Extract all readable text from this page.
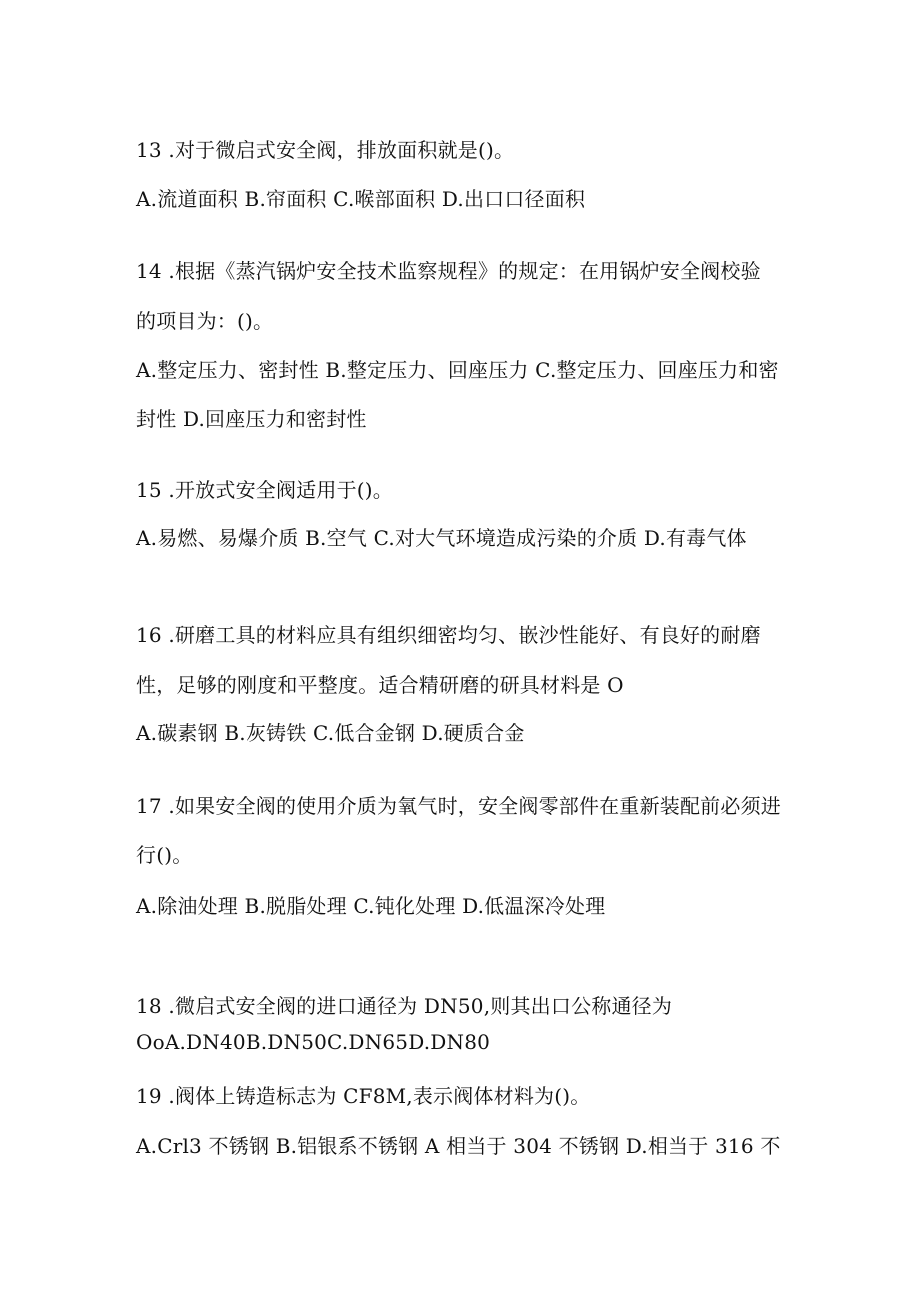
13 .对于微启式安全阀，排放面积就是()。
A.流道面积 B.帘面积 C.喉部面积 D.出口口径面积
14 .根据《蒸汽锅炉安全技术监察规程》的规定：在用锅炉安全阀校验
的项目为：()。
A.整定压力、密封性 B.整定压力、回座压力 C.整定压力、回座压力和密
封性 D.回座压力和密封性
15 .开放式安全阀适用于()。
A.易燃、易爆介质 B.空气 C.对大气环境造成污染的介质 D.有毒气体
16 .研磨工具的材料应具有组织细密均匀、嵌沙性能好、有良好的耐磨
性，足够的刚度和平整度。适合精研磨的研具材料是 O
A.碳素钢 B.灰铸铁 C.低合金钢 D.硬质合金
17 .如果安全阀的使用介质为氧气时，安全阀零部件在重新装配前必须进
行()。
A.除油处理 B.脱脂处理 C.钝化处理 D.低温深冷处理
18 .微启式安全阀的进口通径为 DN50,则其出口公称通径为
OoA.DN40B.DN50C.DN65D.DN80
19 .阀体上铸造标志为 CF8M,表示阀体材料为()。
A.Crl3 不锈钢 B.铝银系不锈钢 A 相当于 304 不锈钢 D.相当于 316 不
